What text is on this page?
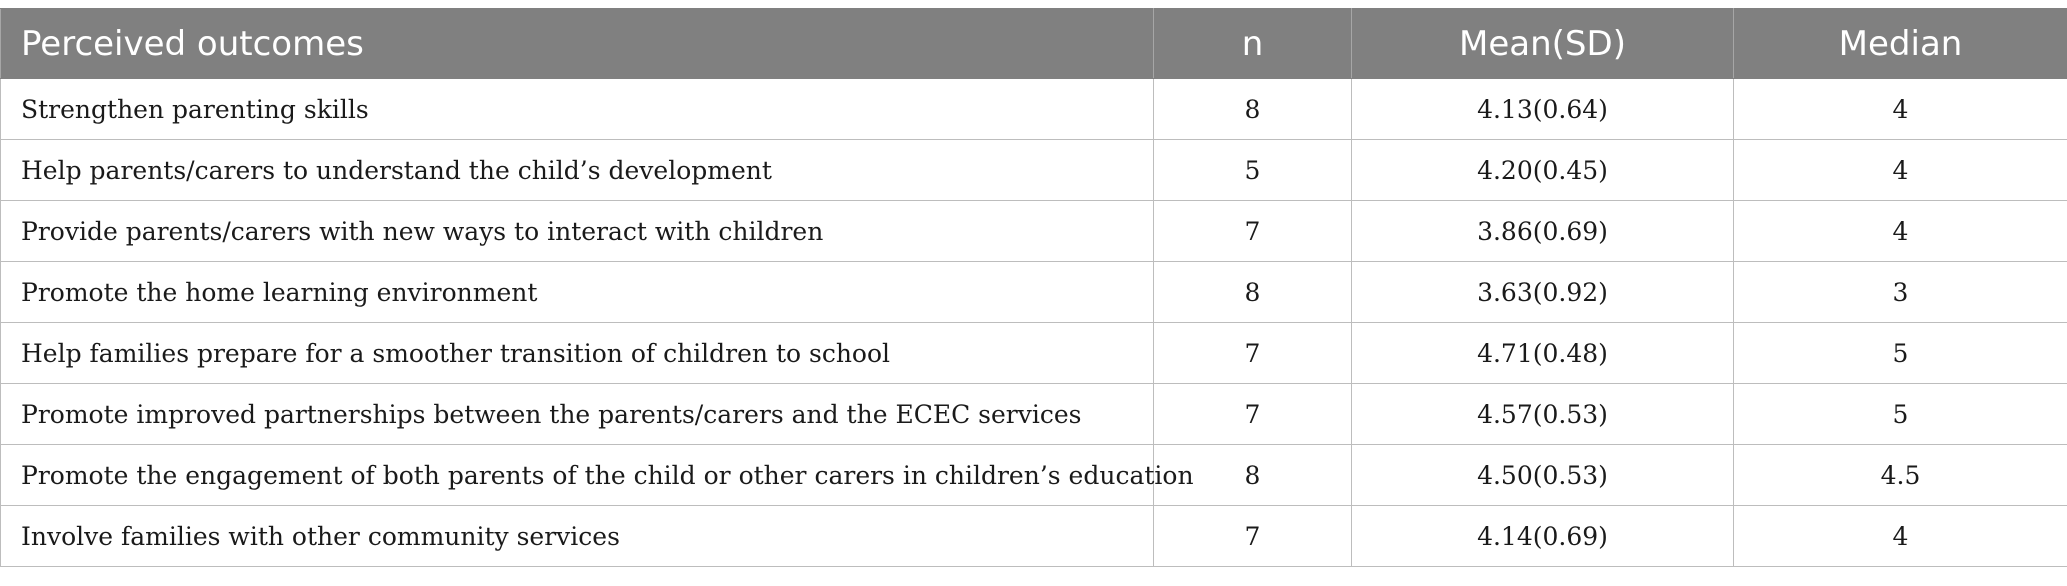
Perceived outcomes	n	Mean(SD)	Median
Strengthen parenting skills	8	4.13(0.64)	4
Help parents/carers to understand the child’s development	5	4.20(0.45)	4
Provide parents/carers with new ways to interact with children	7	3.86(0.69)	4
Promote the home learning environment	8	3.63(0.92)	3
Help families prepare for a smoother transition of children to school	7	4.71(0.48)	5
Promote improved partnerships between the parents/carers and the ECEC services	7	4.57(0.53)	5
Promote the engagement of both parents of the child or other carers in children’s education	8	4.50(0.53)	4.5
Involve families with other community services	7	4.14(0.69)	4
